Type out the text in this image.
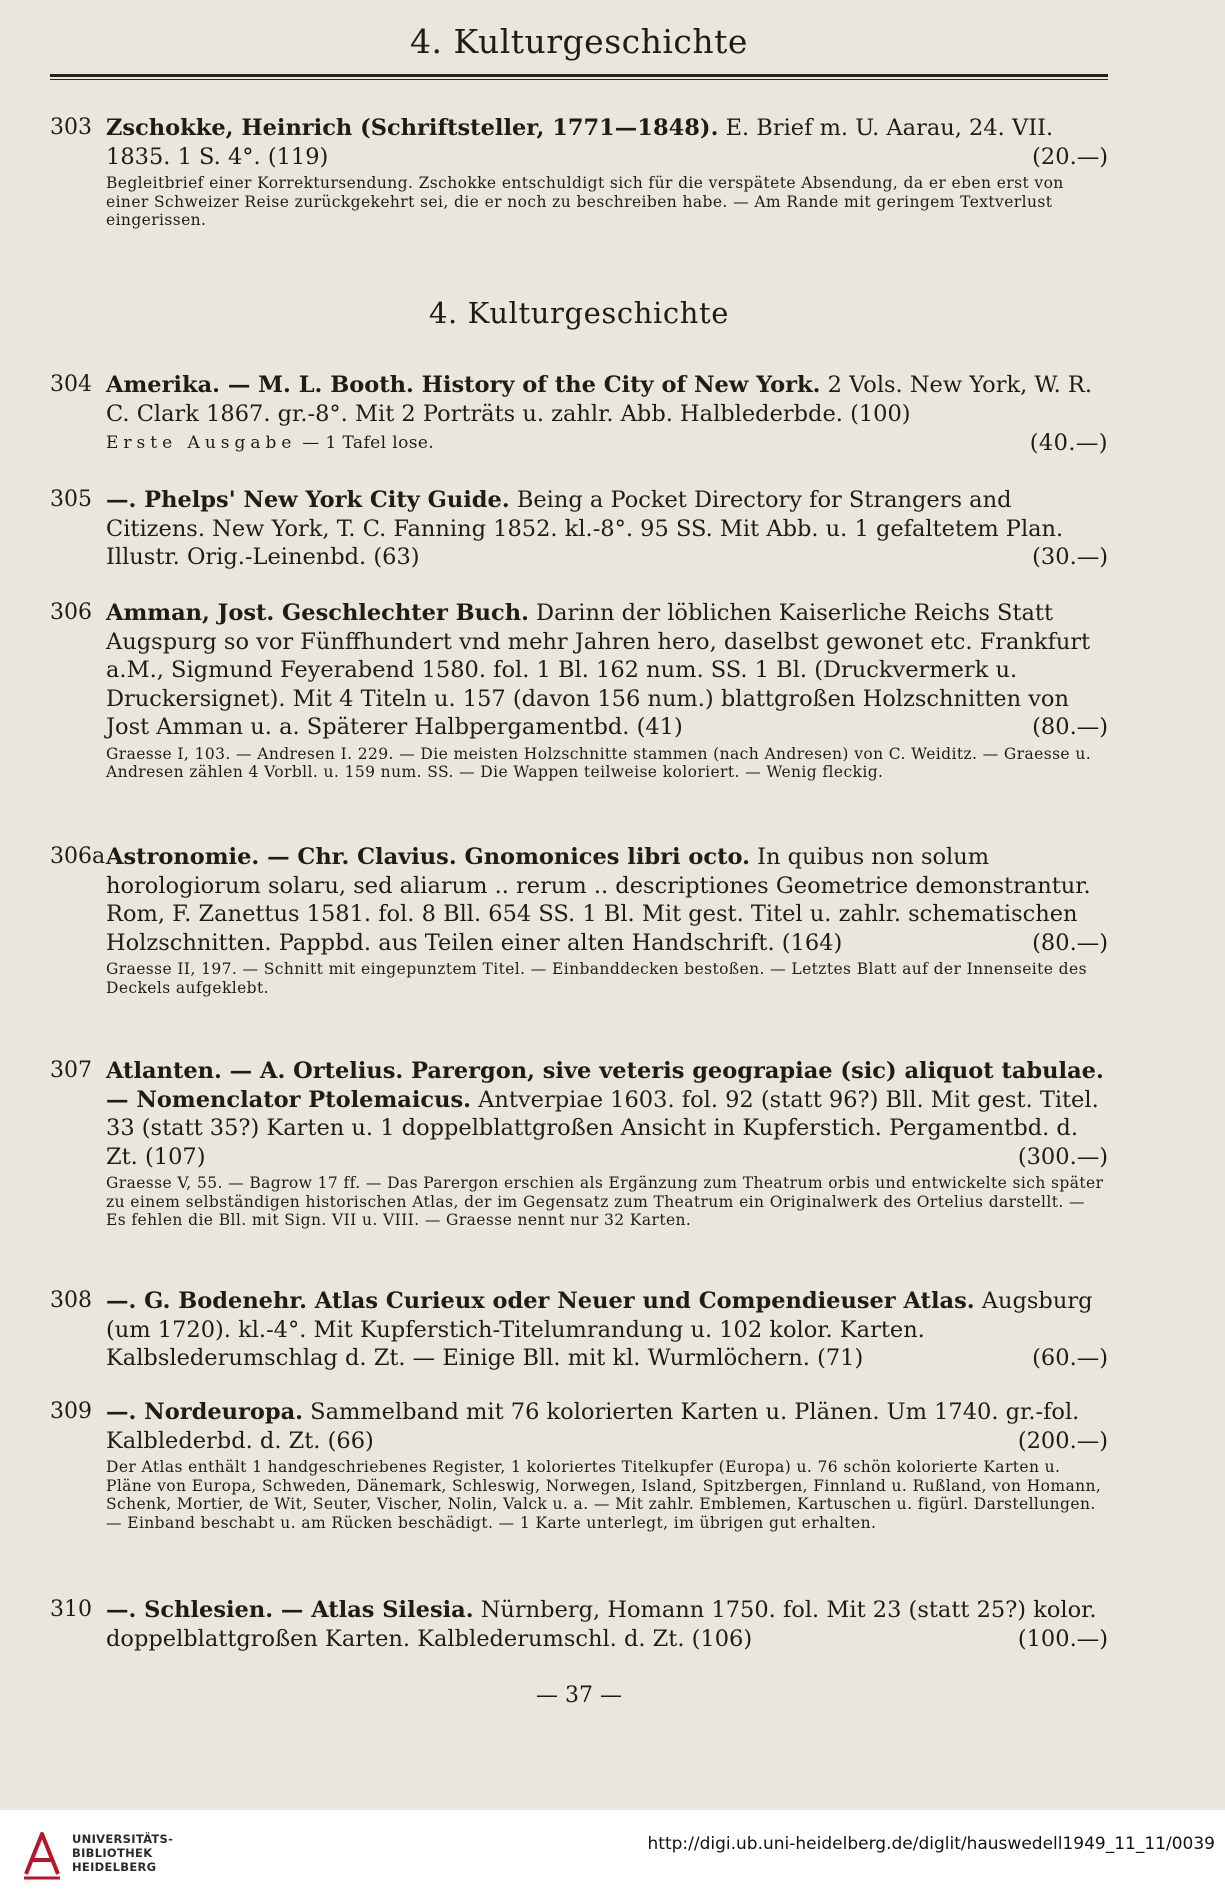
4. Kulturgeschichte
303 Zschokke, Heinrich (Schriftsteller, 1771—1848). E. Brief m. U. Aarau, 24. VII. 1835. 1 S. 4°. (119)	(20.—)
Begleitbrief einer Korrektursendung. Zschokke entschuldigt sich für die verspätete Absendung, da er eben erst von einer Schweizer Reise zurückgekehrt sei, die er noch zu beschreiben habe. — Am Rande mit geringem Textverlust eingerissen.
4. Kulturgeschichte
304 Amerika. — M. L. Booth. History of the City of New York. 2 Vols. New York, W. R. C. Clark 1867. gr.-8°. Mit 2 Porträts u. zahlr. Abb. Halblederbde. (100)
Erste Ausgabe — 1 Tafel lose.	(40.—)
305 —. Phelps' New York City Guide. Being a Pocket Directory for Strangers and Citizens. New York, T. C. Fanning 1852. kl.-8°. 95 SS. Mit Abb. u. 1 gefaltetem Plan. Illustr. Orig.-Leinenbd. (63)	(30.—)
306 Amman, Jost. Geschlechter Buch. Darinn der löblichen Kaiserliche Reichs Statt Augspurg so vor Fünffhundert vnd mehr Jahren hero, daselbst gewonet etc. Frankfurt a.M., Sigmund Feyerabend 1580. fol. 1 Bl. 162 num. SS. 1 Bl. (Druckvermerk u. Druckersignet). Mit 4 Titeln u. 157 (davon 156 num.) blattgroßen Holzschnitten von Jost Amman u. a. Späterer Halbpergamentbd. (41)	(80.—)
Graesse I, 103. — Andresen I. 229. — Die meisten Holzschnitte stammen (nach Andresen) von C. Weiditz. — Graesse u. Andresen zählen 4 Vorbll. u. 159 num. SS. — Die Wappen teilweise koloriert. — Wenig fleckig.
306a Astronomie. — Chr. Clavius. Gnomonices libri octo. In quibus non solum horologiorum solaru, sed aliarum .. rerum .. descriptiones Geometrice demonstrantur. Rom, F. Zanettus 1581. fol. 8 Bll. 654 SS. 1 Bl. Mit gest. Titel u. zahlr. schematischen Holzschnitten. Pappbd. aus Teilen einer alten Handschrift. (164)	(80.—)
Graesse II, 197. — Schnitt mit eingepunztem Titel. — Einbanddecken bestoßen. — Letztes Blatt auf der Innenseite des Deckels aufgeklebt.
307 Atlanten. — A. Ortelius. Parergon, sive veteris geograpiae (sic) aliquot tabulae. — Nomenclator Ptolemaicus. Antverpiae 1603. fol. 92 (statt 96?) Bll. Mit gest. Titel. 33 (statt 35?) Karten u. 1 doppelblattgroßen Ansicht in Kupferstich. Pergamentbd. d. Zt. (107)	(300.—)
Graesse V, 55. — Bagrow 17 ff. — Das Parergon erschien als Ergänzung zum Theatrum orbis und entwickelte sich später zu einem selbständigen historischen Atlas, der im Gegensatz zum Theatrum ein Originalwerk des Ortelius darstellt. — Es fehlen die Bll. mit Sign. VII u. VIII. — Graesse nennt nur 32 Karten.
308 —. G. Bodenehr. Atlas Curieux oder Neuer und Compendieuser Atlas. Augsburg (um 1720). kl.-4°. Mit Kupferstich-Titelumrandung u. 102 kolor. Karten. Kalbslederumschlag d. Zt. — Einige Bll. mit kl. Wurmlöchern. (71)	(60.—)
309 —. Nordeuropa. Sammelband mit 76 kolorierten Karten u. Plänen. Um 1740. gr.-fol. Kalblederbd. d. Zt. (66)	(200.—)
Der Atlas enthält 1 handgeschriebenes Register, 1 koloriertes Titelkupfer (Europa) u. 76 schön kolorierte Karten u. Pläne von Europa, Schweden, Dänemark, Schleswig, Norwegen, Island, Spitzbergen, Finnland u. Rußland, von Homann, Schenk, Mortier, de Wit, Seuter, Vischer, Nolin, Valck u. a. — Mit zahlr. Emblemen, Kartuschen u. figürl. Darstellungen. — Einband beschabt u. am Rücken beschädigt. — 1 Karte unterlegt, im übrigen gut erhalten.
310 —. Schlesien. — Atlas Silesia. Nürnberg, Homann 1750. fol. Mit 23 (statt 25?) kolor. doppelblattgroßen Karten. Kalblederumschl. d. Zt. (106)	(100.—)
— 37 —
UNIVERSITÄTS-
BIBLIOTHEK
HEIDELBERG
http://digi.ub.uni-heidelberg.de/diglit/hauswedell1949_11_11/0039
